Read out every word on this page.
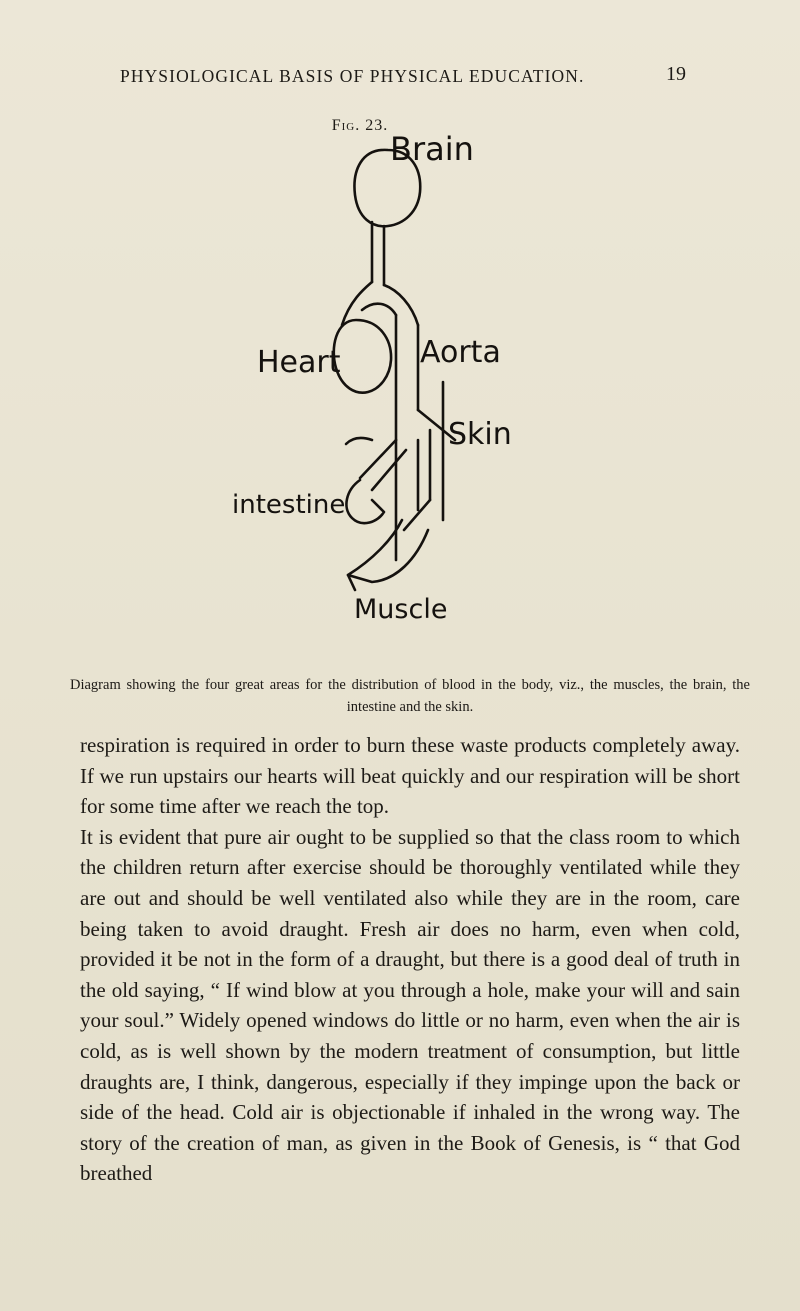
PHYSIOLOGICAL BASIS OF PHYSICAL EDUCATION.	19
Fig. 23.
Brain
Heart	Aorta
Skin
intestine
Muscle
Diagram showing the four great areas for the distribution of blood in the body, viz., the muscles, the brain, the intestine and the skin.

respiration is required in order to burn these waste products completely away. If we run upstairs our hearts will beat quickly and our respiration will be short for some time after we reach the top.

It is evident that pure air ought to be supplied so that the class room to which the children return after exercise should be thoroughly ventilated while they are out and should be well ventilated also while they are in the room, care being taken to avoid draught. Fresh air does no harm, even when cold, provided it be not in the form of a draught, but there is a good deal of truth in the old saying, “ If wind blow at you through a hole, make your will and sain your soul.” Widely opened windows do little or no harm, even when the air is cold, as is well shown by the modern treatment of consumption, but little draughts are, I think, dangerous, especially if they impinge upon the back or side of the head. Cold air is objectionable if inhaled in the wrong way. The story of the creation of man, as given in the Book of Genesis, is “ that God breathed
